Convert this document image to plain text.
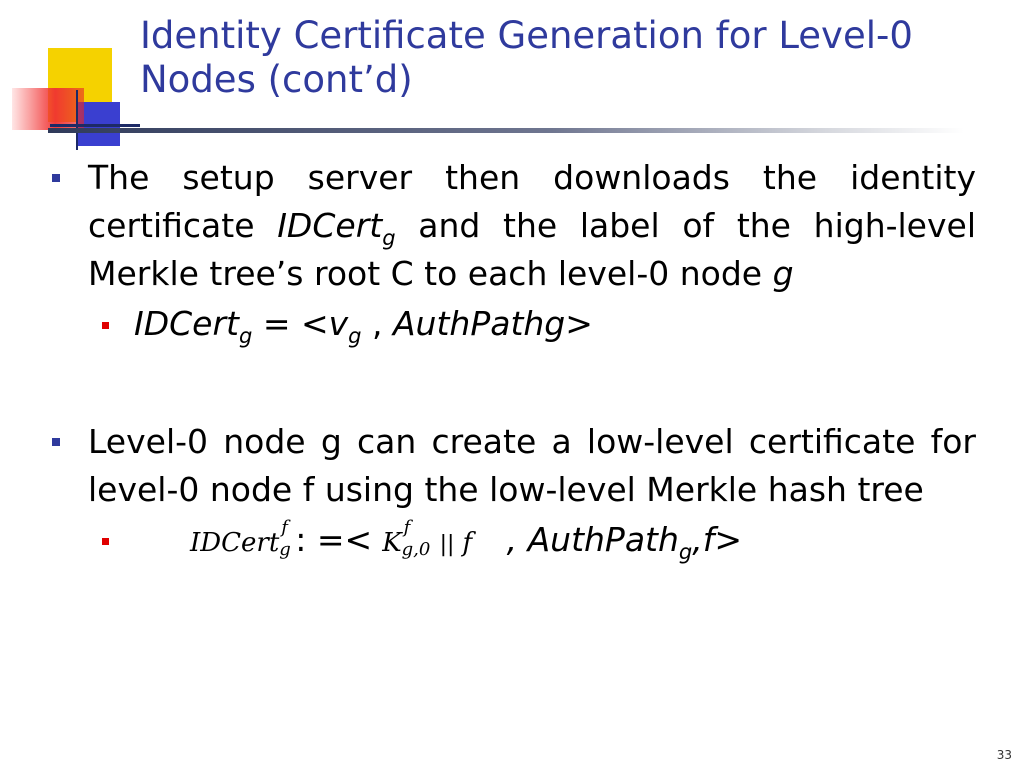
Identity Certificate Generation for Level-0 Nodes (cont’d)
The setup server then downloads the identity certificate IDCert$_g$ and the label of the high-level Merkle tree’s root C to each level-0 node g
IDCert$_g$ = $<v_g$ , AuthPathg>
Level-0 node g can create a low-level certificate for level-0 node f using the low-level Merkle hash tree
IDCert
f
g : =< K
f
g,0 || f , AuthPath$_g$,f>
33
